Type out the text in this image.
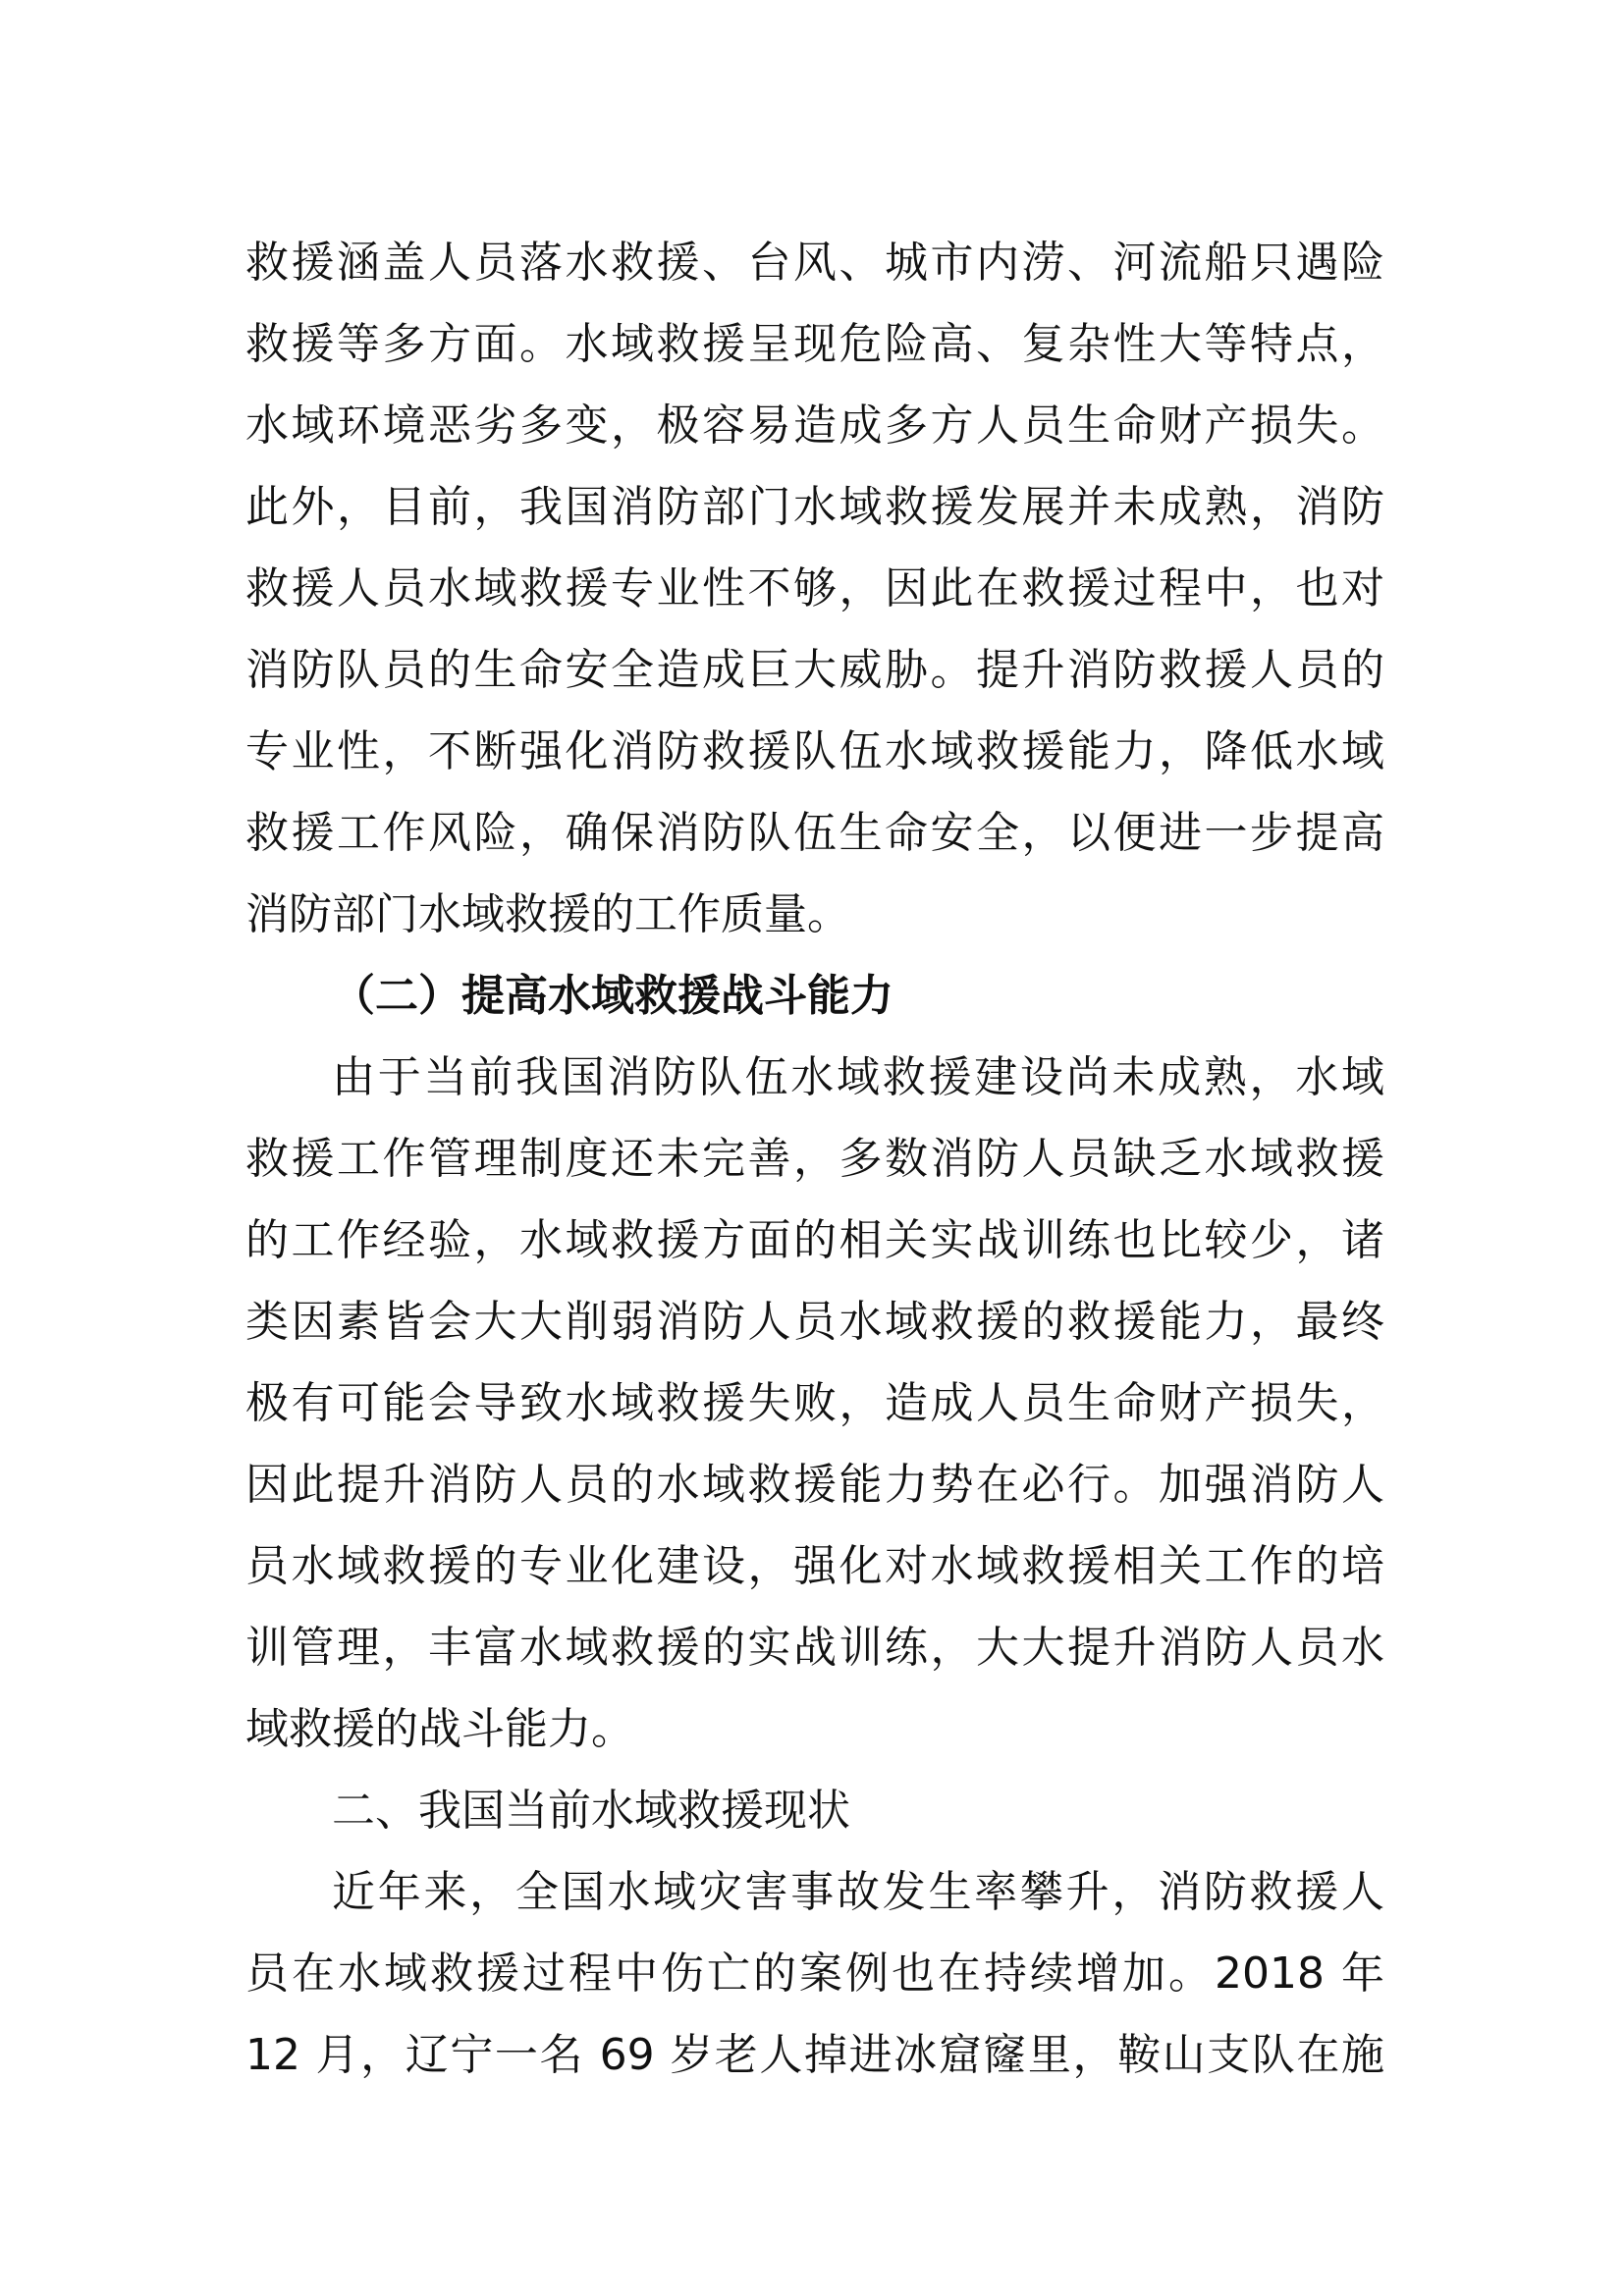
救援涵盖人员落水救援、台风、城市内涝、河流船只遇险
救援等多方面。水域救援呈现危险高、复杂性大等特点，
水域环境恶劣多变，极容易造成多方人员生命财产损失。
此外，目前，我国消防部门水域救援发展并未成熟，消防
救援人员水域救援专业性不够，因此在救援过程中，也对
消防队员的生命安全造成巨大威胁。提升消防救援人员的
专业性，不断强化消防救援队伍水域救援能力，降低水域
救援工作风险，确保消防队伍生命安全，以便进一步提高
消防部门水域救援的工作质量。
（二）提高水域救援战斗能力
由于当前我国消防队伍水域救援建设尚未成熟，水域
救援工作管理制度还未完善，多数消防人员缺乏水域救援
的工作经验，水域救援方面的相关实战训练也比较少，诸
类因素皆会大大削弱消防人员水域救援的救援能力，最终
极有可能会导致水域救援失败，造成人员生命财产损失，
因此提升消防人员的水域救援能力势在必行。加强消防人
员水域救援的专业化建设，强化对水域救援相关工作的培
训管理，丰富水域救援的实战训练，大大提升消防人员水
域救援的战斗能力。
二、我国当前水域救援现状
近年来，全国水域灾害事故发生率攀升，消防救援人
员在水域救援过程中伤亡的案例也在持续增加。2018 年
12 月，辽宁一名 69 岁老人掉进冰窟窿里，鞍山支队在施
